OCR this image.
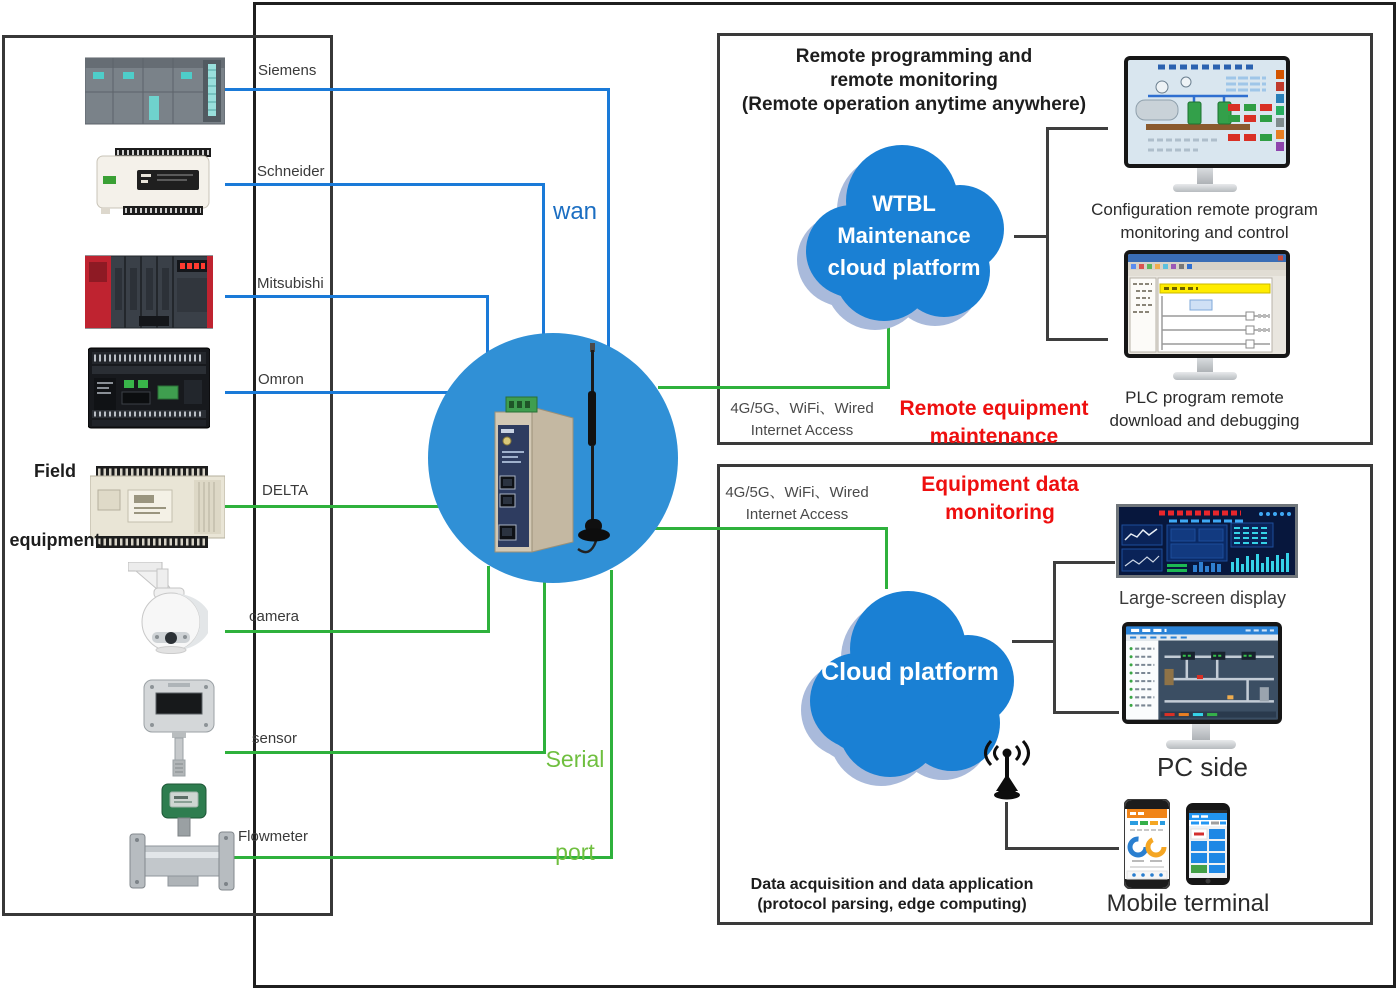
WTBL
Maintenance
cloud platform
Cloud platform

Field

equipment

Siemens
Schneider
Mitsubishi
Omron
DELTA
camera
sensor
Flowmeter
wan

Serial

port

Remote programming and
remote monitoring
(Remote operation anytime anywhere)
Configuration remote program
monitoring and control
PLC program remote
download and debugging
4G/5G、WiFi、Wired
Internet Access
Remote equipment
maintenance
4G/5G、WiFi、Wired
Internet Access
Equipment data
monitoring
Large-screen display
PC side
Mobile terminal
Data acquisition and data application
(protocol parsing, edge computing)
